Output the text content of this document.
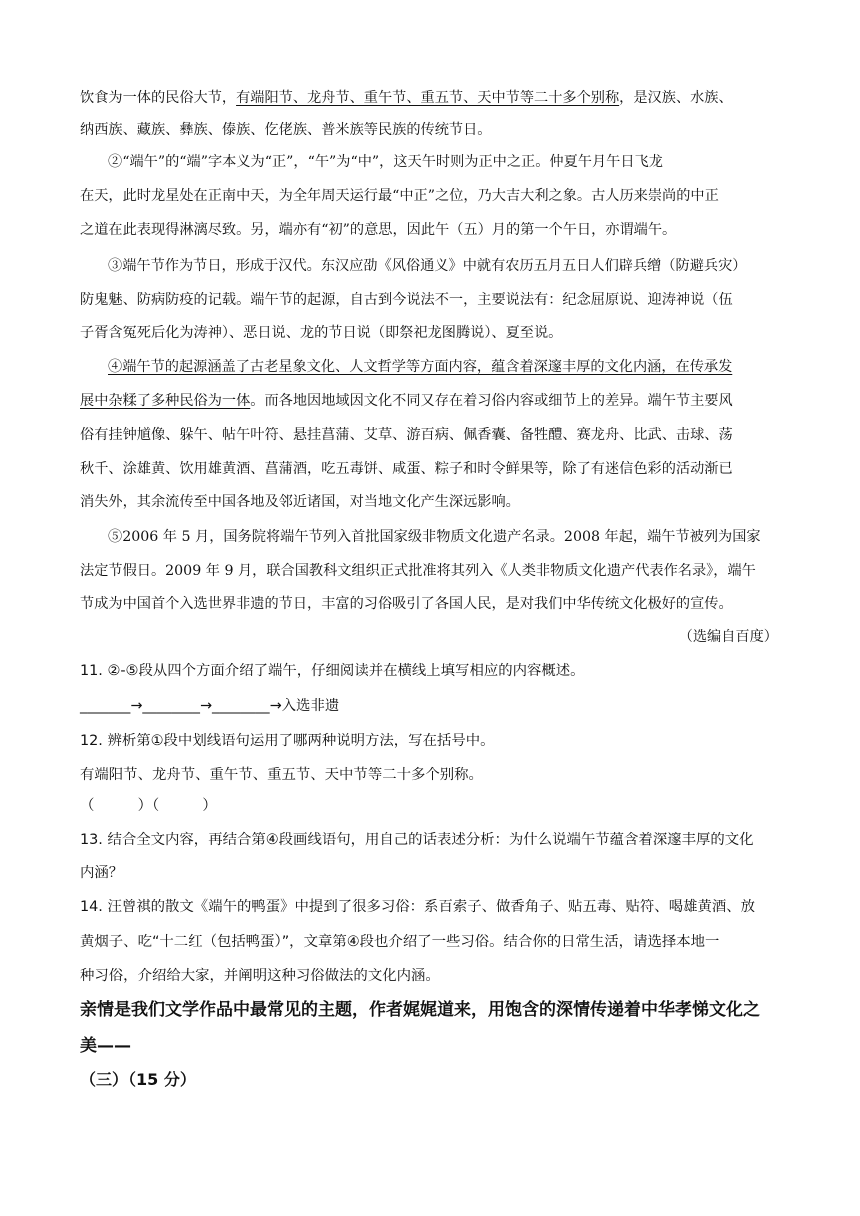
饮食为一体的民俗大节，有端阳节、龙舟节、重午节、重五节、天中节等二十多个别称，是汉族、水族、
纳西族、藏族、彝族、傣族、仡佬族、普米族等民族的传统节日。
②“端午”的“端”字本义为“正”，“午”为“中”，这天午时则为正中之正。仲夏午月午日飞龙
在天，此时龙星处在正南中天，为全年周天运行最“中正”之位，乃大吉大利之象。古人历来崇尚的中正
之道在此表现得淋漓尽致。另，端亦有“初”的意思，因此午（五）月的第一个午日，亦谓端午。
③端午节作为节日，形成于汉代。东汉应劭《风俗通义》中就有农历五月五日人们辟兵缯（防避兵灾）
防鬼魅、防病防疫的记载。端午节的起源，自古到今说法不一，主要说法有：纪念屈原说、迎涛神说（伍
子胥含冤死后化为涛神）、恶日说、龙的节日说（即祭祀龙图腾说）、夏至说。
④端午节的起源涵盖了古老星象文化、人文哲学等方面内容，蕴含着深邃丰厚的文化内涵，在传承发
展中杂糅了多种民俗为一体。而各地因地域因文化不同又存在着习俗内容或细节上的差异。端午节主要风
俗有挂钟馗像、躲午、帖午叶符、悬挂菖蒲、艾草、游百病、佩香囊、备牲醴、赛龙舟、比武、击球、荡
秋千、涂雄黄、饮用雄黄酒、菖蒲酒，吃五毒饼、咸蛋、粽子和时令鲜果等，除了有迷信色彩的活动渐已
消失外，其余流传至中国各地及邻近诸国，对当地文化产生深远影响。
⑤2006 年 5 月，国务院将端午节列入首批国家级非物质文化遗产名录。2008 年起，端午节被列为国家
法定节假日。2009 年 9 月，联合国教科文组织正式批准将其列入《人类非物质文化遗产代表作名录》，端午
节成为中国首个入选世界非遗的节日，丰富的习俗吸引了各国人民，是对我们中华传统文化极好的宣传。
（选编自百度）
11. ②-⑤段从四个方面介绍了端午，仔细阅读并在横线上填写相应的内容概述。
_______→________→________→入选非遗
12. 辨析第①段中划线语句运用了哪两种说明方法，写在括号中。
有端阳节、龙舟节、重午节、重五节、天中节等二十多个别称。
（　　　）（　　　）
13. 结合全文内容，再结合第④段画线语句，用自己的话表述分析：为什么说端午节蕴含着深邃丰厚的文化
内涵？
14. 汪曾祺的散文《端午的鸭蛋》中提到了很多习俗：系百索子、做香角子、贴五毒、贴符、喝雄黄酒、放
黄烟子、吃“十二红（包括鸭蛋）”，文章第④段也介绍了一些习俗。结合你的日常生活，请选择本地一
种习俗，介绍给大家，并阐明这种习俗做法的文化内涵。
亲情是我们文学作品中最常见的主题，作者娓娓道来，用饱含的深情传递着中华孝悌文化之
美——
（三）（15 分）
